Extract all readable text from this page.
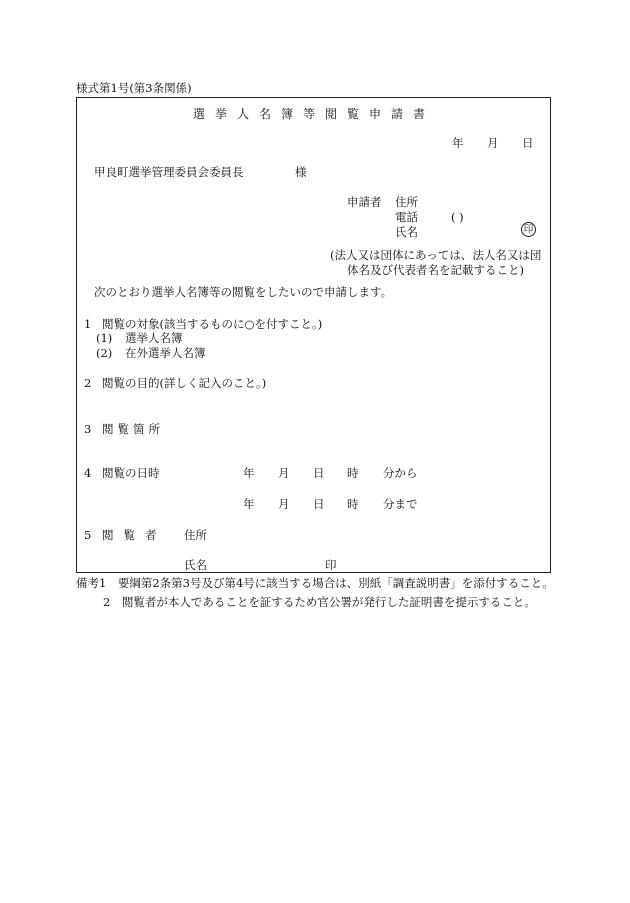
様式第1号(第3条関係)
選挙人名簿等閲覧申請書
年 月 日
甲良町選挙管理委員会委員長	様
申請者 住所
電話	( )
氏名	印
(法人又は団体にあっては、法人名又は団
体名及び代表者名を記載すること)
次のとおり選挙人名簿等の閲覧をしたいので申請します。
1 閲覧の対象(該当するものに○を付すこと。)
(1) 選挙人名簿
(2) 在外選挙人名簿
2 閲覧の目的(詳しく記入のこと。)
3 閲覧箇所
4 閲覧の日時	年 月 日 時 分から
年 月 日 時 分まで
5 閲覧者 住所
氏名	印
備考1　要綱第2条第3号及び第4号に該当する場合は、別紙「調査説明書」を添付すること。
2　閲覧者が本人であることを証するため官公署が発行した証明書を提示すること。
